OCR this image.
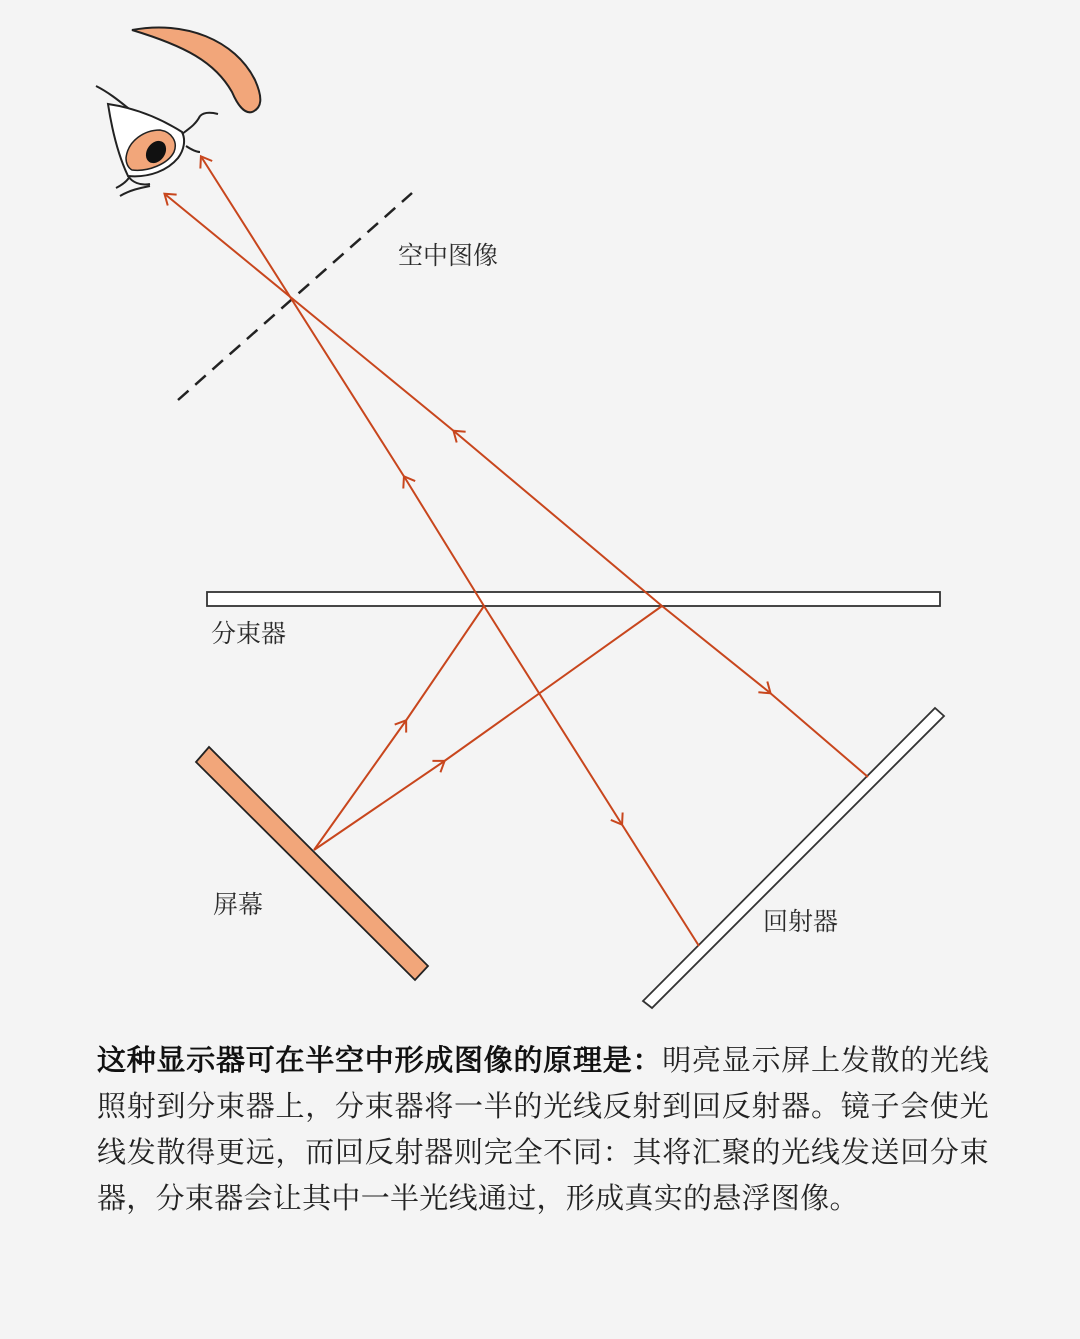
空中图像
分束器
屏幕
回射器
这种显示器可在半空中形成图像的原理是：明亮显示屏上发散的光线照射到分束器上，分束器将一半的光线反射到回反射器。镜子会使光线发散得更远，而回反射器则完全不同：其将汇聚的光线发送回分束器，分束器会让其中一半光线通过，形成真实的悬浮图像。
